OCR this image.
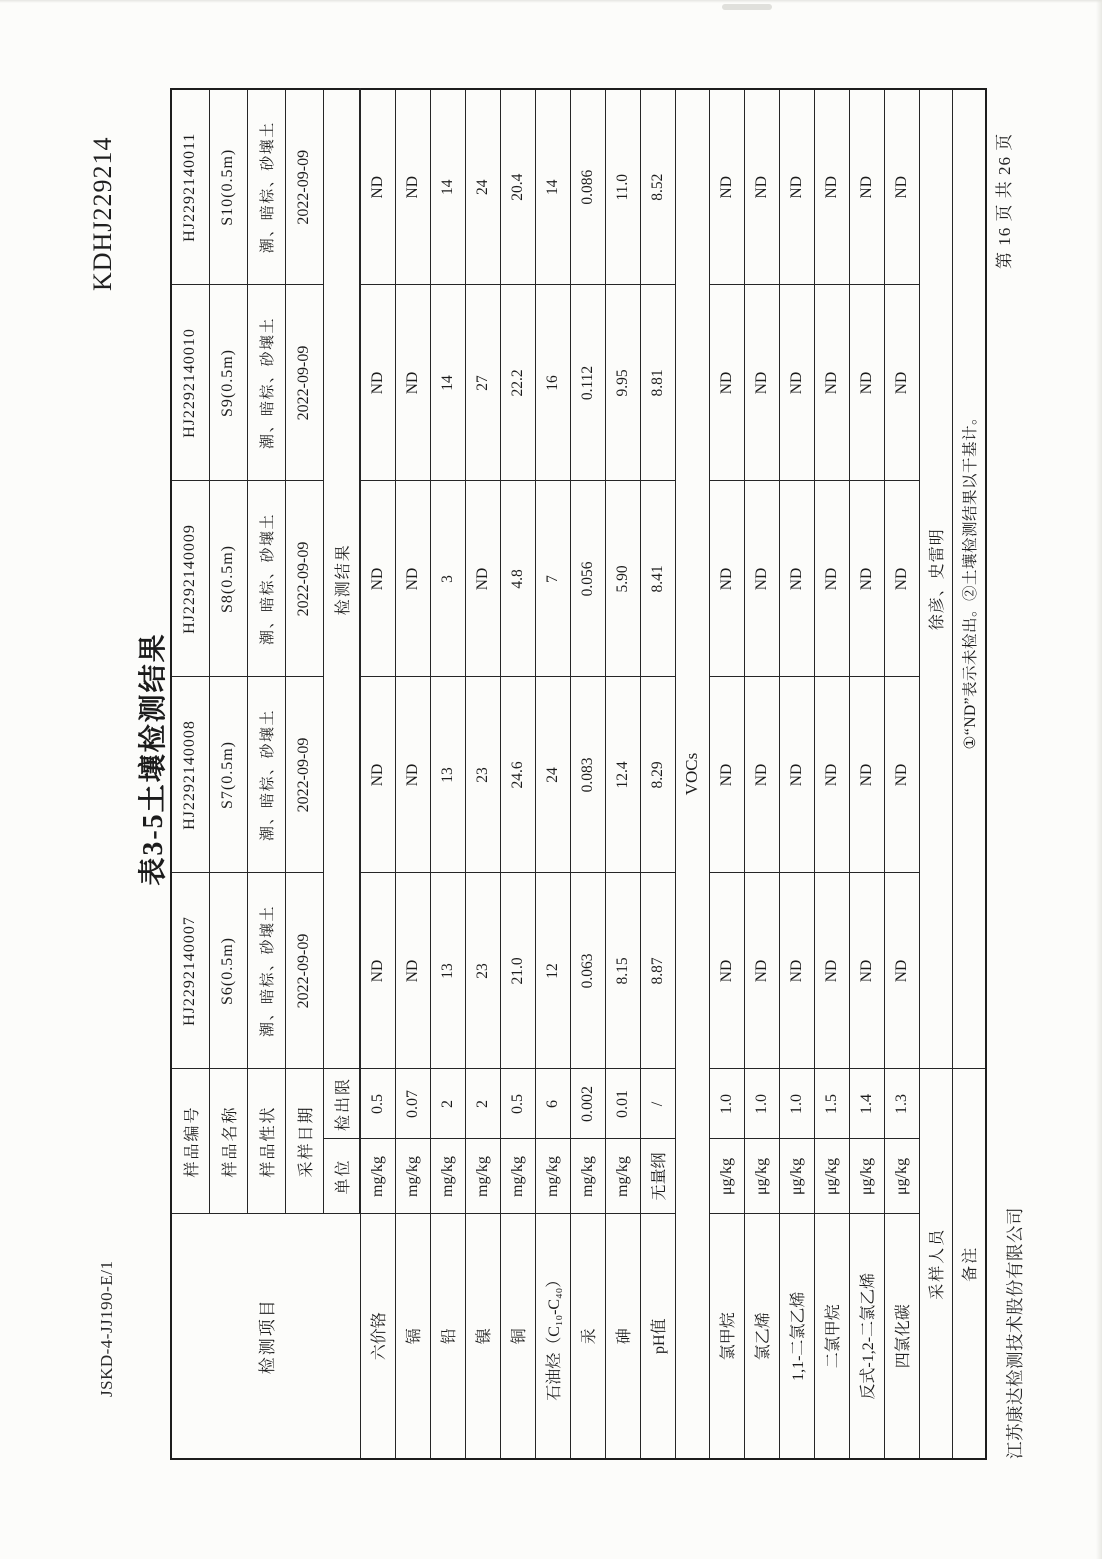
JSKD-4-JJ190-E/1
KDHJ229214
表3-5土壤检测结果
检测项目	样品编号		HJ2292140007	HJ2292140008	HJ2292140009	HJ2292140010	HJ2292140011
	样品名称		S6(0.5m)	S7(0.5m)	S8(0.5m)	S9(0.5m)	S10(0.5m)
	样品性状		潮、暗棕、砂壤土	潮、暗棕、砂壤土	潮、暗棕、砂壤土	潮、暗棕、砂壤土	潮、暗棕、砂壤土
	采样日期		2022-09-09	2022-09-09	2022-09-09	2022-09-09	2022-09-09
	单位	检出限	检测结果				
六价铬	mg/kg	0.5	ND	ND	ND	ND	ND
镉	mg/kg	0.07	ND	ND	ND	ND	ND
铅	mg/kg	2	13	13	3	14	14
镍	mg/kg	2	23	23	ND	27	24
铜	mg/kg	0.5	21.0	24.6	4.8	22.2	20.4
石油烃（C₁₀-C₄₀）	mg/kg	6	12	24	7	16	14
汞	mg/kg	0.002	0.063	0.083	0.056	0.112	0.086
砷	mg/kg	0.01	8.15	12.4	5.90	9.95	11.0
pH值	无量纲	/	8.87	8.29	8.41	8.81	8.52
VOCs							
氯甲烷	μg/kg	1.0	ND	ND	ND	ND	ND
氯乙烯	μg/kg	1.0	ND	ND	ND	ND	ND
1,1-二氯乙烯	μg/kg	1.0	ND	ND	ND	ND	ND
二氯甲烷	μg/kg	1.5	ND	ND	ND	ND	ND
反式-1,2-二氯乙烯	μg/kg	1.4	ND	ND	ND	ND	ND
四氯化碳	μg/kg	1.3	ND	ND	ND	ND	ND
采样人员			徐彦、史雷明				
备注			①“ND”表示未检出。②土壤检测结果以干基计。				
江苏康达检测技术股份有限公司
第 16 页 共 26 页
